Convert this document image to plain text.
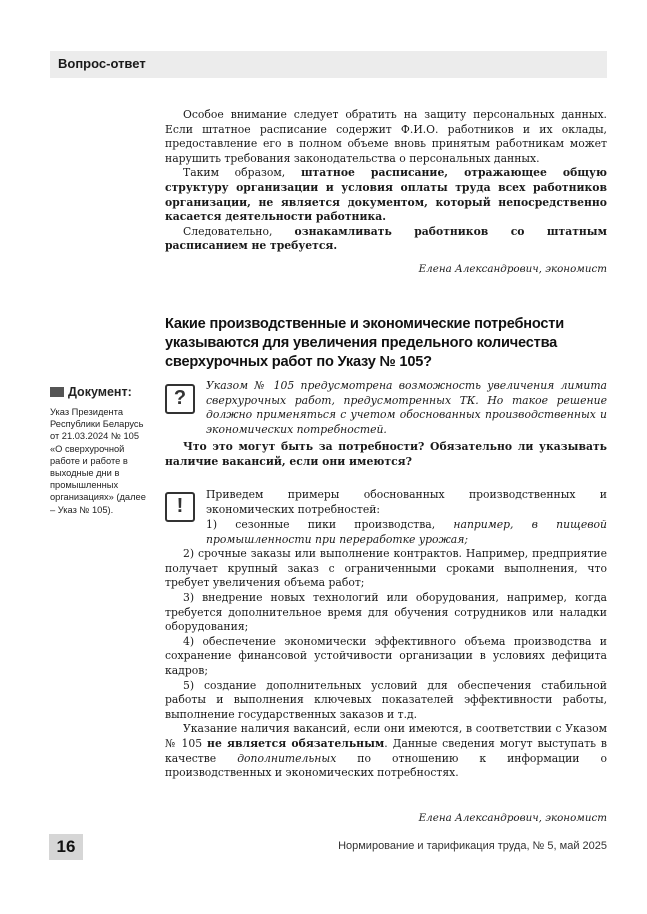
Вопрос-ответ

Особое внимание следует обратить на защиту персональных данных. Если штатное расписание содержит Ф.И.О. работников и их оклады, предоставление его в полном объеме вновь принятым работникам может нарушить требования законодательства о персональных данных.

Таким образом, штатное расписание, отражающее общую структуру организации и условия оплаты труда всех работников организации, не является документом, который непосредственно касается деятельности работника.

Следовательно, ознакамливать работников со штатным расписанием не требуется.

Елена Александрович, экономист
Какие производственные и экономические потребности указываются для увеличения предельного количества сверхурочных работ по Указу № 105?
Документ:
Указ Президента Республики Беларусь от 21.03.2024 № 105 «О сверхурочной работе и работе в выходные дни в промышленных организациях» (далее – Указ № 105).
?

Указом № 105 предусмотрена возможность увеличения лимита сверхурочных работ, предусмотренных ТК. Но такое решение должно применяться с учетом обоснованных производственных и экономических потребностей.

Что это могут быть за потребности? Обязательно ли указывать наличие вакансий, если они имеются?

!

Приведем примеры обоснованных производственных и экономических потребностей:

1) сезонные пики производства, например, в пищевой промышленности при переработке урожая;

2) срочные заказы или выполнение контрактов. Например, предприятие получает крупный заказ с ограниченными сроками выполнения, что требует увеличения объема работ;

3) внедрение новых технологий или оборудования, например, когда требуется дополнительное время для обучения сотрудников или наладки оборудования;

4) обеспечение экономически эффективного объема производства и сохранение финансовой устойчивости организации в условиях дефицита кадров;

5) создание дополнительных условий для обеспечения стабильной работы и выполнения ключевых показателей эффективности работы, выполнение государственных заказов и т.д.

Указание наличия вакансий, если они имеются, в соответствии с Указом № 105 не является обязательным. Данные сведения могут выступать в качестве дополнительных по отношению к информации о производственных и экономических потребностях.

Елена Александрович, экономист
16	Нормирование и тарификация труда, № 5, май 2025
